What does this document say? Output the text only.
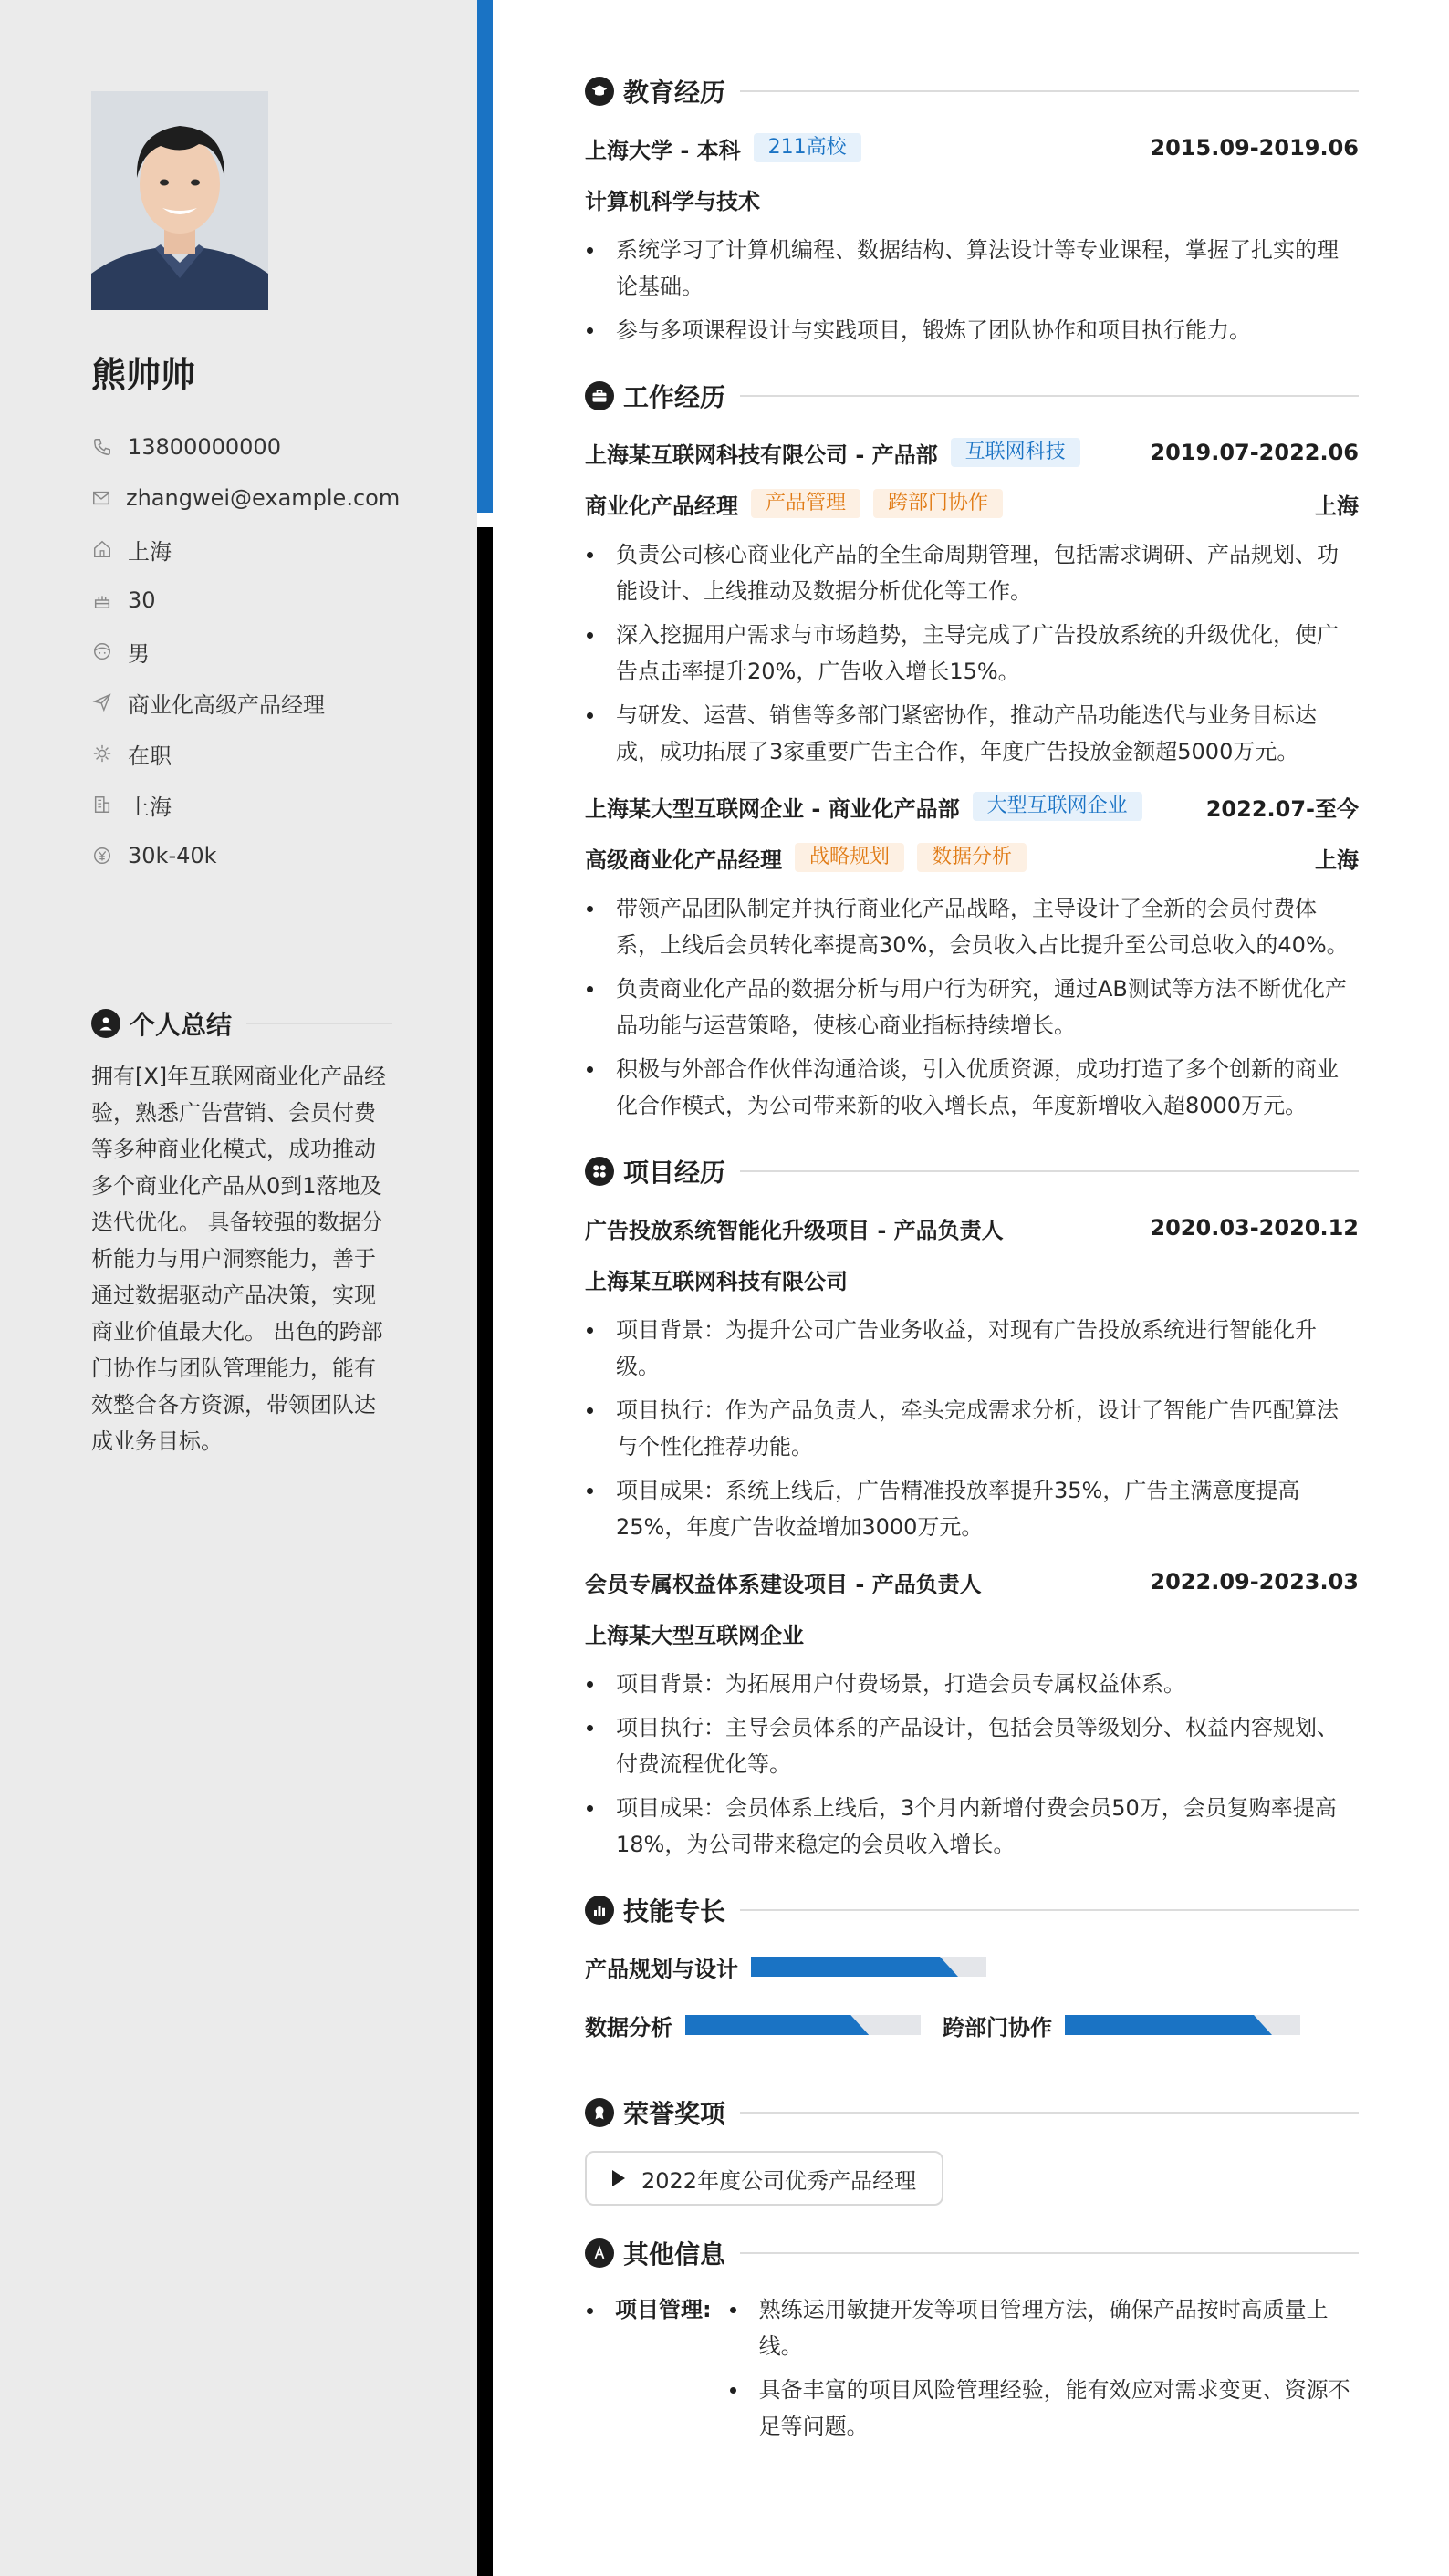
熊帅帅
13800000000
zhangwei@example.com
上海
30
男
商业化高级产品经理
在职
上海
30k-40k
个人总结
拥有[X]年互联网商业化产品经验，熟悉广告营销、会员付费等多种商业化模式，成功推动多个商业化产品从0到1落地及迭代优化。 具备较强的数据分析能力与用户洞察能力，善于通过数据驱动产品决策，实现商业价值最大化。 出色的跨部门协作与团队管理能力，能有效整合各方资源，带领团队达成业务目标。
教育经历
上海大学 - 本科	211高校	2015.09-2019.06
计算机科学与技术
系统学习了计算机编程、数据结构、算法设计等专业课程，掌握了扎实的理论基础。
参与多项课程设计与实践项目，锻炼了团队协作和项目执行能力。
工作经历
上海某互联网科技有限公司 - 产品部	互联网科技	2019.07-2022.06
商业化产品经理	产品管理	跨部门协作	上海
负责公司核心商业化产品的全生命周期管理，包括需求调研、产品规划、功能设计、上线推动及数据分析优化等工作。
深入挖掘用户需求与市场趋势，主导完成了广告投放系统的升级优化，使广告点击率提升20%，广告收入增长15%。
与研发、运营、销售等多部门紧密协作，推动产品功能迭代与业务目标达成，成功拓展了3家重要广告主合作，年度广告投放金额超5000万元。
上海某大型互联网企业 - 商业化产品部	大型互联网企业	2022.07-至今
高级商业化产品经理	战略规划	数据分析	上海
带领产品团队制定并执行商业化产品战略，主导设计了全新的会员付费体系，上线后会员转化率提高30%，会员收入占比提升至公司总收入的40%。
负责商业化产品的数据分析与用户行为研究，通过AB测试等方法不断优化产品功能与运营策略，使核心商业指标持续增长。
积极与外部合作伙伴沟通洽谈，引入优质资源，成功打造了多个创新的商业化合作模式，为公司带来新的收入增长点，年度新增收入超8000万元。
项目经历
广告投放系统智能化升级项目 - 产品负责人	2020.03-2020.12
上海某互联网科技有限公司
项目背景：为提升公司广告业务收益，对现有广告投放系统进行智能化升级。
项目执行：作为产品负责人，牵头完成需求分析，设计了智能广告匹配算法与个性化推荐功能。
项目成果：系统上线后，广告精准投放率提升35%，广告主满意度提高25%，年度广告收益增加3000万元。
会员专属权益体系建设项目 - 产品负责人	2022.09-2023.03
上海某大型互联网企业
项目背景：为拓展用户付费场景，打造会员专属权益体系。
项目执行：主导会员体系的产品设计，包括会员等级划分、权益内容规划、付费流程优化等。
项目成果：会员体系上线后，3个月内新增付费会员50万，会员复购率提高18%，为公司带来稳定的会员收入增长。
技能专长
产品规划与设计
数据分析	跨部门协作
荣誉奖项
2022年度公司优秀产品经理
其他信息
项目管理:	熟练运用敏捷开发等项目管理方法，确保产品按时高质量上线。
具备丰富的项目风险管理经验，能有效应对需求变更、资源不足等问题。
